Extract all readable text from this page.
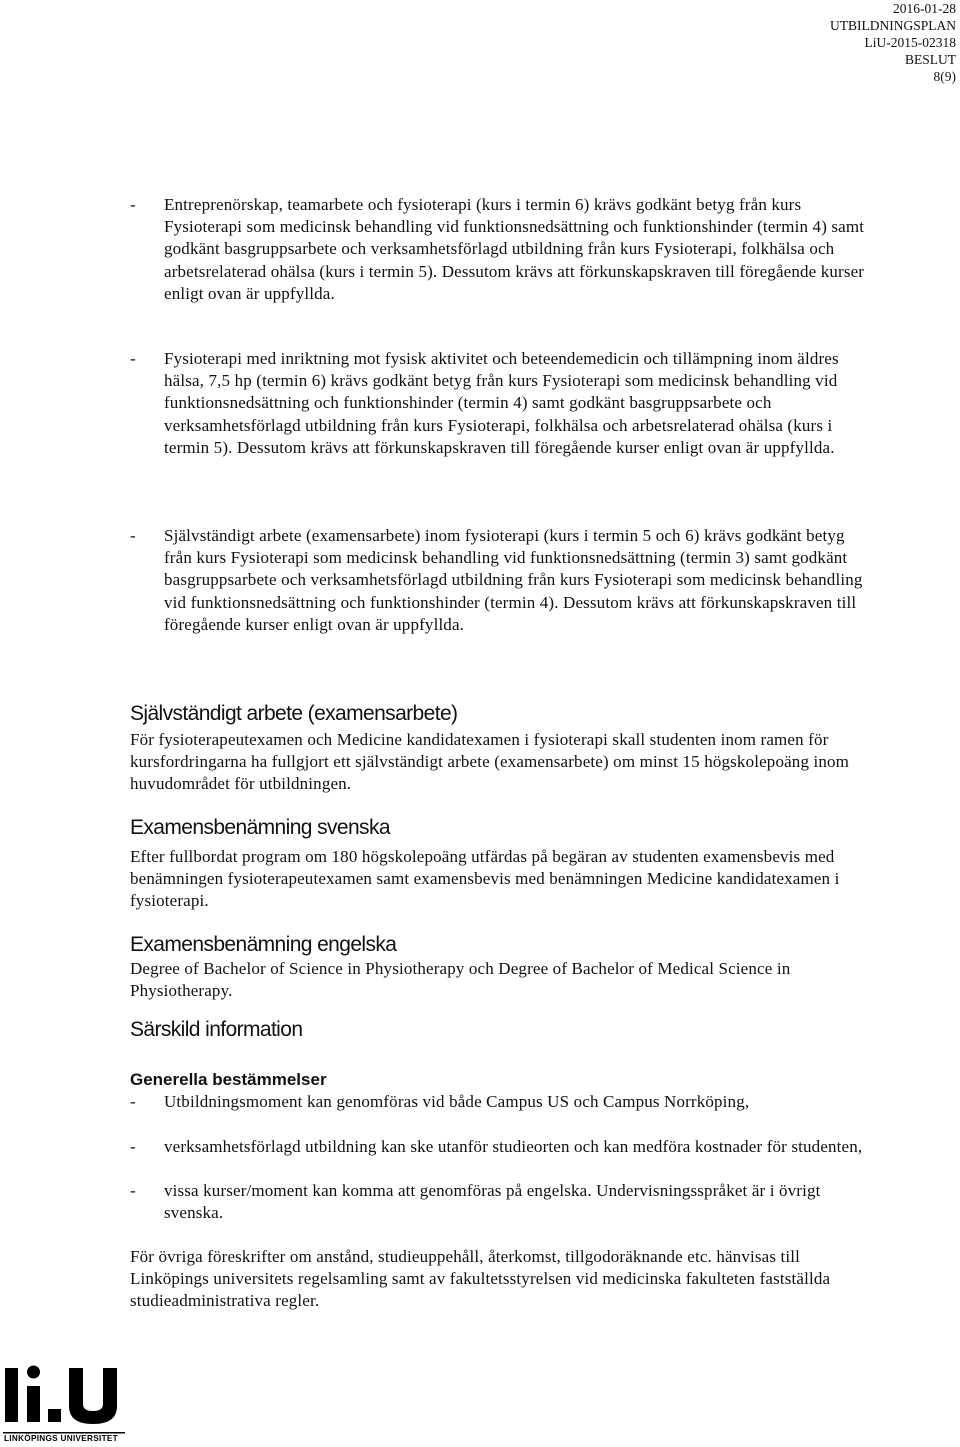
2016-01-28
UTBILDNINGSPLAN
LiU-2015-02318
BESLUT
8(9)
- Entreprenörskap, teamarbete och fysioterapi (kurs i termin 6) krävs godkänt betyg från kurs Fysioterapi som medicinsk behandling vid funktionsnedsättning och funktionshinder (termin 4) samt godkänt basgruppsarbete och verksamhetsförlagd utbildning från kurs Fysioterapi, folkhälsa och arbetsrelaterad ohälsa (kurs i termin 5). Dessutom krävs att förkunskapskraven till föregående kurser enligt ovan är uppfyllda.
- Fysioterapi med inriktning mot fysisk aktivitet och beteendemedicin och tillämpning inom äldres hälsa, 7,5 hp (termin 6) krävs godkänt betyg från kurs Fysioterapi som medicinsk behandling vid funktionsnedsättning och funktionshinder (termin 4) samt godkänt basgruppsarbete och verksamhetsförlagd utbildning från kurs Fysioterapi, folkhälsa och arbetsrelaterad ohälsa (kurs i termin 5). Dessutom krävs att förkunskapskraven till föregående kurser enligt ovan är uppfyllda.
- Självständigt arbete (examensarbete) inom fysioterapi (kurs i termin 5 och 6) krävs godkänt betyg från kurs Fysioterapi som medicinsk behandling vid funktionsnedsättning (termin 3) samt godkänt basgruppsarbete och verksamhetsförlagd utbildning från kurs Fysioterapi som medicinsk behandling vid funktionsnedsättning och funktionshinder (termin 4). Dessutom krävs att förkunskapskraven till föregående kurser enligt ovan är uppfyllda.
Självständigt arbete (examensarbete)
För fysioterapeutexamen och Medicine kandidatexamen i fysioterapi skall studenten inom ramen för kursfordringarna ha fullgjort ett självständigt arbete (examensarbete) om minst 15 högskolepoäng inom huvudområdet för utbildningen.
Examensbenämning svenska
Efter fullbordat program om 180 högskolepoäng utfärdas på begäran av studenten examensbevis med benämningen fysioterapeutexamen samt examensbevis med benämningen Medicine kandidatexamen i fysioterapi.
Examensbenämning engelska
Degree of Bachelor of Science in Physiotherapy och Degree of Bachelor of Medical Science in Physiotherapy.
Särskild information
Generella bestämmelser
- Utbildningsmoment kan genomföras vid både Campus US och Campus Norrköping,
- verksamhetsförlagd utbildning kan ske utanför studieorten och kan medföra kostnader för studenten,
- vissa kurser/moment kan komma att genomföras på engelska. Undervisningsspråket är i övrigt svenska.
För övriga föreskrifter om anstånd, studieuppehåll, återkomst, tillgodoräknande etc. hänvisas till Linköpings universitets regelsamling samt av fakultetsstyrelsen vid medicinska fakulteten fastställda studieadministrativa regler.
LINKÖPINGS UNIVERSITET
